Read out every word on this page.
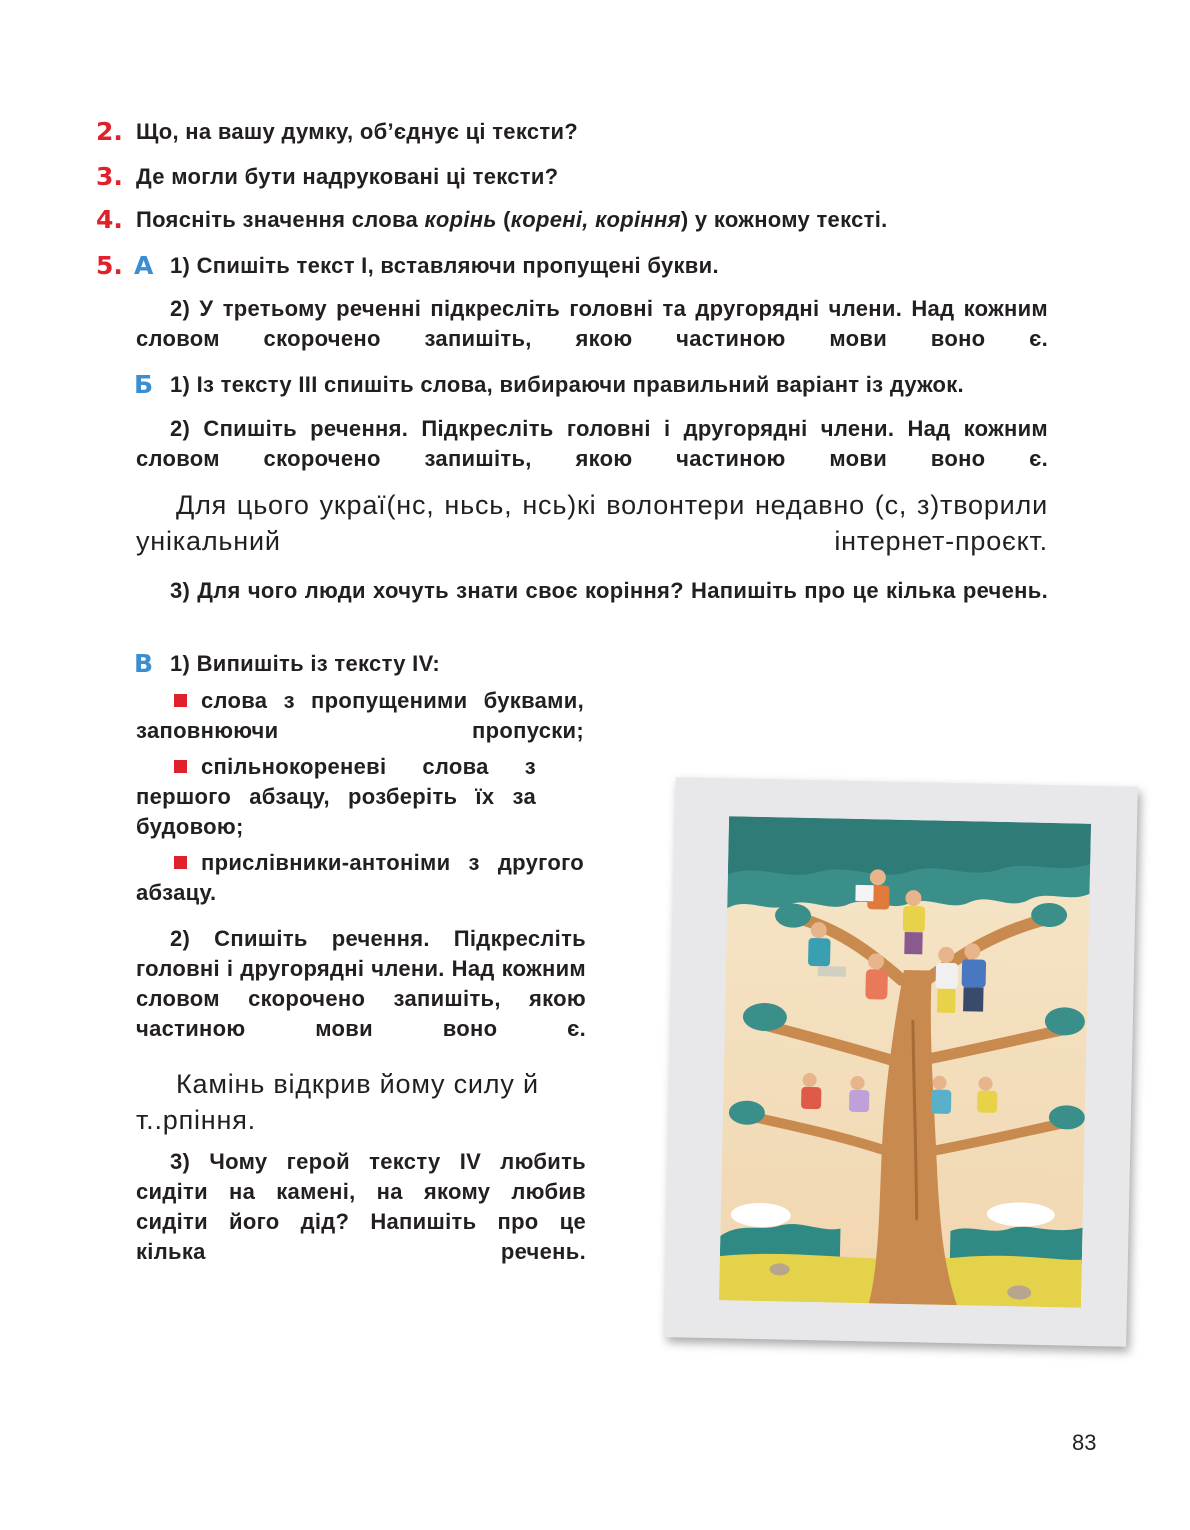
2. Що, на вашу думку, об’єднує ці тексти?

3. Де могли бути надруковані ці тексти?

4. Поясніть значення слова корінь (корені, коріння) у кожному тексті.

5. А 1) Спишіть текст І, вставляючи пропущені букви.

2) У третьому реченні підкресліть головні та другорядні члени. Над кожним словом скорочено запишіть, якою частиною мови воно є.

Б 1) Із тексту ІІІ спишіть слова, вибираючи правильний варіант із дужок.

2) Спишіть речення. Підкресліть головні і другорядні члени. Над кожним словом скорочено запишіть, якою частиною мови воно є.

Для цього украї(нс, ньсь, нсь)кі волонтери недавно (с, з)творили унікальний інтернет-проєкт.

3) Для чого люди хочуть знати своє коріння? Напишіть про це кілька речень.

В 1) Випишіть із тексту IV:

слова з пропущеними буквами, заповнюючи пропуски;

спільнокореневі слова з першого абзацу, розберіть їх за будовою;

прислівники-антоніми з другого абзацу.

2) Спишіть речення. Підкресліть головні і другорядні члени. Над кожним словом скорочено запишіть, якою частиною мови воно є.

Камінь відкрив йому силу й т..рпіння.

3) Чому герой тексту IV любить сидіти на камені, на якому любив сидіти його дід? Напишіть про це кілька речень.

83
